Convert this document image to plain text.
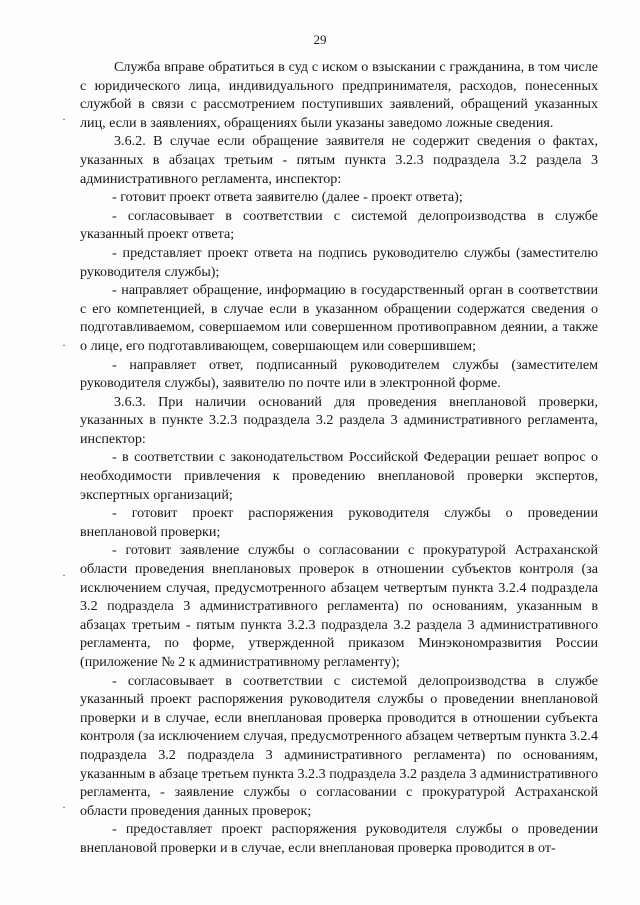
29
·
·
·
·

Служба вправе обратиться в суд с иском о взыскании с гражданина, в том числе с юридического лица, индивидуального предпринимателя, расходов, понесенных службой в связи с рассмотрением поступивших заявлений, обращений указанных лиц, если в заявлениях, обращениях были указаны заведомо ложные сведения.

3.6.2. В случае если обращение заявителя не содержит сведения о фактах, указанных в абзацах третьим - пятым пункта 3.2.3 подраздела 3.2 раздела 3 административного регламента, инспектор:

- готовит проект ответа заявителю (далее - проект ответа);

- согласовывает в соответствии с системой делопроизводства в службе указанный проект ответа;

- представляет проект ответа на подпись руководителю службы (заместителю руководителя службы);

- направляет обращение, информацию в государственный орган в соответствии с его компетенцией, в случае если в указанном обращении содержатся сведения о подготавливаемом, совершаемом или совершенном противоправном деянии, а также о лице, его подготавливающем, совершающем или совершившем;

- направляет ответ, подписанный руководителем службы (заместителем руководителя службы), заявителю по почте или в электронной форме.

3.6.3. При наличии оснований для проведения внеплановой проверки, указанных в пункте 3.2.3 подраздела 3.2 раздела 3 административного регламента, инспектор:

- в соответствии с законодательством Российской Федерации решает вопрос о необходимости привлечения к проведению внеплановой проверки экспертов, экспертных организаций;

- готовит проект распоряжения руководителя службы о проведении внеплановой проверки;

- готовит заявление службы о согласовании с прокуратурой Астраханской области проведения внеплановых проверок в отношении субъектов контроля (за исключением случая, предусмотренного абзацем четвертым пункта 3.2.4 подраздела 3.2 подраздела 3 административного регламента) по основаниям, указанным в абзацах третьим - пятым пункта 3.2.3 подраздела 3.2 раздела 3 административного регламента, по форме, утвержденной приказом Минэкономразвития России (приложение № 2 к административному регламенту);

- согласовывает в соответствии с системой делопроизводства в службе указанный проект распоряжения руководителя службы о проведении внеплановой проверки и в случае, если внеплановая проверка проводится в отношении субъекта контроля (за исключением случая, предусмотренного абзацем четвертым пункта 3.2.4 подраздела 3.2 подраздела 3 административного регламента) по основаниям, указанным в абзаце третьем пункта 3.2.3 подраздела 3.2 раздела 3 административного регламента, - заявление службы о согласовании с прокуратурой Астраханской области проведения данных проверок;

- предоставляет проект распоряжения руководителя службы о проведении внеплановой проверки и в случае, если внеплановая проверка проводится в от-
